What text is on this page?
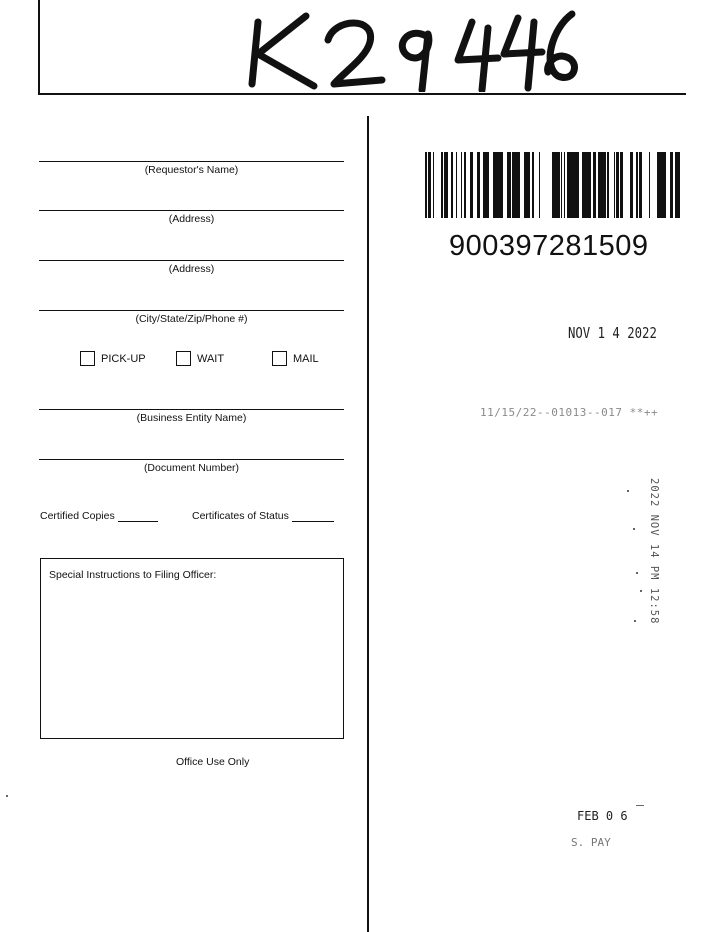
(Requestor's Name)
(Address)
(Address)
(City/State/Zip/Phone #)
PICK-UP	WAIT	MAIL
(Business Entity Name)
(Document Number)
Certified Copies	Certificates of Status
Special Instructions to Filing Officer:
Office Use Only
900397281509
NOV 1 4 2022
11/15/22--01013--017 **++
2022 NOV 14 PM 12:58
FEB 0 6
S. PAY
